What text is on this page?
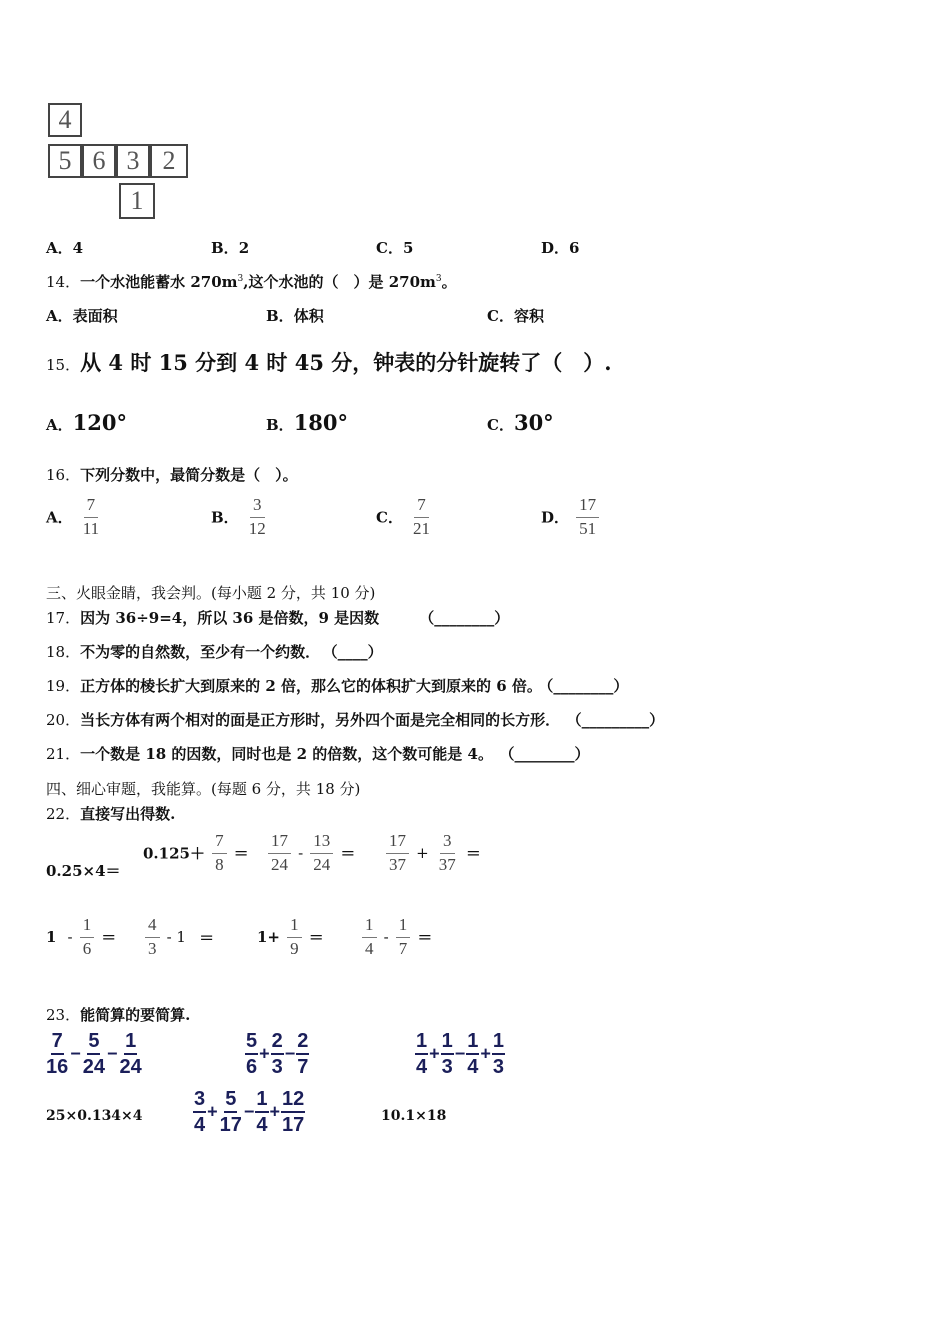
4
5 6 3 2
1
A．4	B．2	C．5	D．6
14．一个水池能蓄水 $270m^3$,这个水池的（　）是 $270m^3$。
A．表面积	B．体积	C．容积
15．从 4 时 15 分到 4 时 45 分，钟表的分针旋转了（　）.
A．120°	B．180°	C．30°
16．下列分数中，最简分数是（　）。
A． $\frac{7}{11}$	B． $\frac{3}{12}$	C． $\frac{7}{21}$	D． $\frac{17}{51}$
三、火眼金睛，我会判。(每小题 2 分，共 10 分)
17．因为 36÷9=4，所以 36 是倍数，9 是因数	（________）
18．不为零的自然数，至少有一个约数． （____）
19．正方体的棱长扩大到原来的 2 倍，那么它的体积扩大到原来的 6 倍。 （________）
20．当长方体有两个相对的面是正方形时，另外四个面是完全相同的长方形． （_________）
21．一个数是 18 的因数，同时也是 2 的倍数，这个数可能是 4。 （________）
四、细心审题，我能算。(每题 6 分，共 18 分)
22．直接写出得数.
0.25×4＝
$0.125+ \frac{7}{8} = \frac{17}{24} - \frac{13}{24} = \frac{17}{37} + \frac{3}{37}$ ＝
$1 - \frac{1}{6} = \frac{4}{3} - 1$ ＝	$1+ \frac{1}{9} = \frac{1}{4} - \frac{1}{7}$ ＝
23．能简算的要简算.
$\frac{7}{16} - \frac{5}{24} - \frac{1}{24}$	$\frac{5}{6} + \frac{2}{3} - \frac{2}{7}$	$\frac{1}{4} + \frac{1}{3} - \frac{1}{4} + \frac{1}{3}$
25×0.134×4	$\frac{3}{4} + \frac{5}{17} - \frac{1}{4} + \frac{12}{17}$	10.1×18
